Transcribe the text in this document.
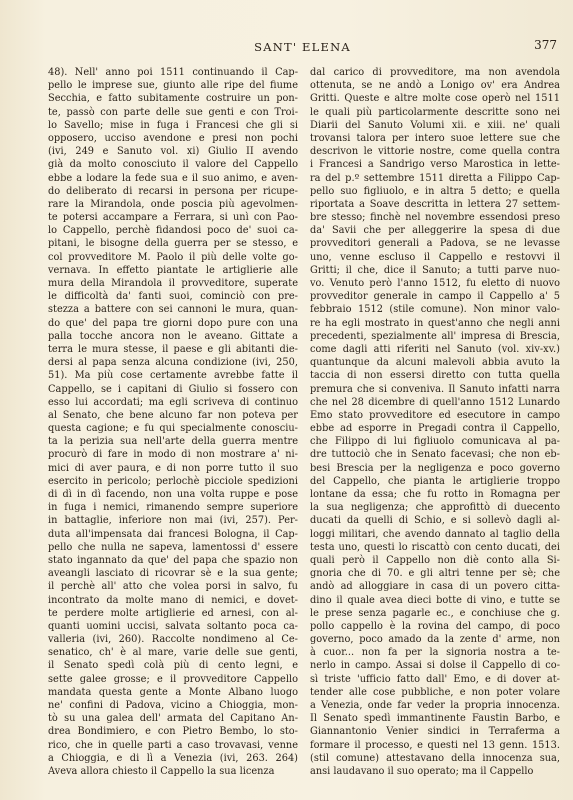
SANT' ELENA	377
48). Nell' anno poi 1511 continuando il Cap-
pello le imprese sue, giunto alle ripe del fiume
Secchia, e fatto subitamente costruire un pon-
te, passò con parte delle sue genti e con Troi-
lo Savello; mise in fuga i Francesi che gli si
opposero, ucciso avendone e presi non pochi
(ivi, 249 e Sanuto vol. xi) Giulio II avendo
già da molto conosciuto il valore del Cappello
ebbe a lodare la fede sua e il suo animo, e aven-
do deliberato di recarsi in persona per ricupe-
rare la Mirandola, onde poscia più agevolmen-
te potersi accampare a Ferrara, si unì con Pao-
lo Cappello, perchè fidandosi poco de' suoi ca-
pitani, le bisogne della guerra per se stesso, e
col provveditore M. Paolo il più delle volte go-
vernava. In effetto piantate le artiglierie alle
mura della Mirandola il provveditore, superate
le difficoltà da' fanti suoi, cominciò con pre-
stezza a battere con sei cannoni le mura, quan-
do que' del papa tre giorni dopo pure con una
palla tocche ancora non le aveano. Gittate a
terra le mura stesse, il paese e gli abitanti die-
dersi al papa senza alcuna condizione (ivi, 250,
51). Ma più cose certamente avrebbe fatte il
Cappello, se i capitani di Giulio si fossero con
esso lui accordati; ma egli scriveva di continuo
al Senato, che bene alcuno far non poteva per
questa cagione; e fu qui specialmente conosciu-
ta la perizia sua nell'arte della guerra mentre
procurò di fare in modo di non mostrare a' ni-
mici di aver paura, e di non porre tutto il suo
esercito in pericolo; perlochè picciole spedizioni
di dì in dì facendo, non una volta ruppe e pose
in fuga i nemici, rimanendo sempre superiore
in battaglie, inferiore non mai (ivi, 257). Per-
duta all'impensata dai francesi Bologna, il Cap-
pello che nulla ne sapeva, lamentossi d' essere
stato ingannato da que' del papa che spazio non
aveangli lasciato di ricovrar sè e la sua gente;
il perchè all' atto che volea porsi in salvo, fu
incontrato da molte mano di nemici, e dovet-
te perdere molte artiglierie ed arnesi, con al-
quanti uomini uccisi, salvata soltanto poca ca-
valleria (ivi, 260). Raccolte nondimeno al Ce-
senatico, ch' è al mare, varie delle sue genti,
il Senato spedì colà più di cento legni, e
sette galee grosse; e il provveditore Cappello
mandata questa gente a Monte Albano luogo
ne' confini di Padova, vicino a Chioggia, mon-
tò su una galea dell' armata del Capitano An-
drea Bondimiero, e con Pietro Bembo, lo sto-
rico, che in quelle parti a caso trovavasi, venne
a Chioggia, e di lì a Venezia (ivi, 263. 264)
Aveva allora chiesto il Cappello la sua licenza
dal carico di provveditore, ma non avendola
ottenuta, se ne andò a Lonigo ov' era Andrea
Gritti. Queste e altre molte cose operò nel 1511
le quali più particolarmente descritte sono nei
Diarii del Sanuto Volumi xii. e xiii. ne' quali
trovansi talora per intero suoe lettere sue che
descrivon le vittorie nostre, come quella contra
i Francesi a Sandrigo verso Marostica in lette-
ra del p.º settembre 1511 diretta a Filippo Cap-
pello suo figliuolo, e in altra 5 detto; e quella
riportata a Soave descritta in lettera 27 settem-
bre stesso; finchè nel novembre essendosi preso
da' Savii che per alleggerire la spesa di due
provveditori generali a Padova, se ne levasse
uno, venne escluso il Cappello e restovvi il
Gritti; il che, dice il Sanuto; a tutti parve nuo-
vo. Venuto però l'anno 1512, fu eletto di nuovo
provveditor generale in campo il Cappello a' 5
febbraio 1512 (stile comune). Non minor valo-
re ha egli mostrato in quest'anno che negli anni
precedenti, spezialmente all' impresa di Brescia,
come dagli atti riferiti nel Sanuto (vol. xiv-xv.)
quantunque da alcuni malevoli abbia avuto la
taccia di non essersi diretto con tutta quella
premura che si conveniva. Il Sanuto infatti narra
che nel 28 dicembre di quell'anno 1512 Lunardo
Emo stato provveditore ed esecutore in campo
ebbe ad esporre in Pregadi contra il Cappello,
che Filippo di lui figliuolo comunicava al pa-
dre tuttociò che in Senato facevasi; che non eb-
besi Brescia per la negligenza e poco governo
del Cappello, che pianta le artiglierie troppo
lontane da essa; che fu rotto in Romagna per
la sua negligenza; che approfittò di duecento
ducati da quelli di Schio, e si sollevò dagli al-
loggi militari, che avendo dannato al taglio della
testa uno, questi lo riscattò con cento ducati, dei
quali però il Cappello non diè conto alla Si-
gnoria che di 70. e gli altri tenne per sè; che
andò ad alloggiare in casa di un povero citta-
dino il quale avea dieci botte di vino, e tutte se
le prese senza pagarle ec., e conchiuse che g.
pollo cappello è la rovina del campo, di poco
governo, poco amado da la zente d' arme, non
à cuor... non fa per la signoria nostra a te-
nerlo in campo. Assai si dolse il Cappello di co-
sì triste 'ufficio fatto dall' Emo, e di dover at-
tender alle cose pubbliche, e non poter volare
a Venezia, onde far veder la propria innocenza.
Il Senato spedì immantinente Faustin Barbo, e
Giannantonio Venier sindici in Terraferma a
formare il processo, e questi nel 13 genn. 1513.
(stil comune) attestavano della innocenza sua,
ansi laudavano il suo operato; ma il Cappello
